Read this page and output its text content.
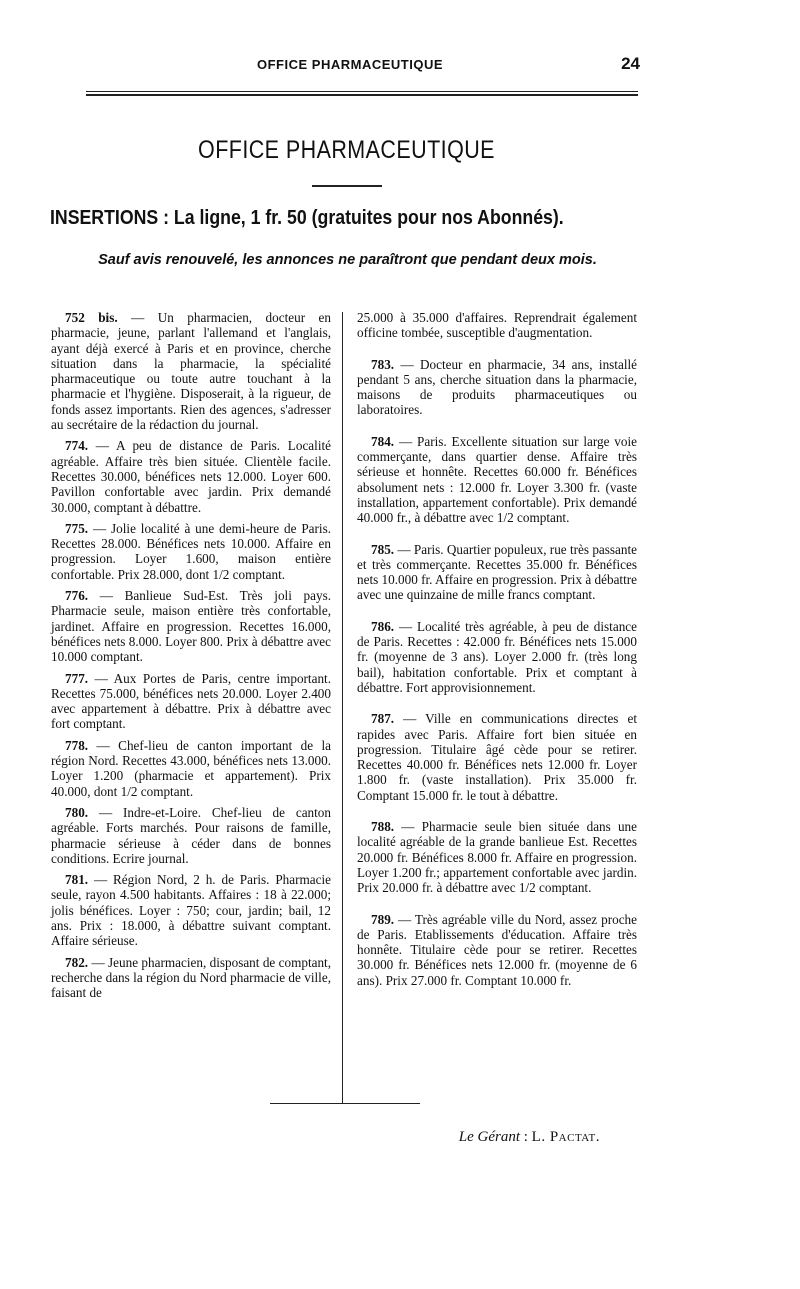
OFFICE PHARMACEUTIQUE	24
OFFICE PHARMACEUTIQUE
INSERTIONS : La ligne, 1 fr. 50 (gratuites pour nos Abonnés).
Sauf avis renouvelé, les annonces ne paraîtront que pendant deux mois.

752 bis. — Un pharmacien, docteur en pharmacie, jeune, parlant l'allemand et l'anglais, ayant déjà exercé à Paris et en province, cherche situation dans la pharmacie, la spécialité pharmaceutique ou toute autre touchant à la pharmacie et l'hygiène. Disposerait, à la rigueur, de fonds assez importants. Rien des agences, s'adresser au secrétaire de la rédaction du journal.

774. — A peu de distance de Paris. Localité agréable. Affaire très bien située. Clientèle facile. Recettes 30.000, bénéfices nets 12.000. Loyer 600. Pavillon confortable avec jardin. Prix demandé 30.000, comptant à débattre.

775. — Jolie localité à une demi-heure de Paris. Recettes 28.000. Bénéfices nets 10.000. Affaire en progression. Loyer 1.600, maison entière confortable. Prix 28.000, dont 1/2 comptant.

776. — Banlieue Sud-Est. Très joli pays. Pharmacie seule, maison entière très confortable, jardinet. Affaire en progression. Recettes 16.000, bénéfices nets 8.000. Loyer 800. Prix à débattre avec 10.000 comptant.

777. — Aux Portes de Paris, centre important. Recettes 75.000, bénéfices nets 20.000. Loyer 2.400 avec appartement à débattre. Prix à débattre avec fort comptant.

778. — Chef-lieu de canton important de la région Nord. Recettes 43.000, bénéfices nets 13.000. Loyer 1.200 (pharmacie et appartement). Prix 40.000, dont 1/2 comptant.

780. — Indre-et-Loire. Chef-lieu de canton agréable. Forts marchés. Pour raisons de famille, pharmacie sérieuse à céder dans de bonnes conditions. Ecrire journal.

781. — Région Nord, 2 h. de Paris. Pharmacie seule, rayon 4.500 habitants. Affaires : 18 à 22.000; jolis bénéfices. Loyer : 750; cour, jardin; bail, 12 ans. Prix : 18.000, à débattre suivant comptant. Affaire sérieuse.

782. — Jeune pharmacien, disposant de comptant, recherche dans la région du Nord pharmacie de ville, faisant de

25.000 à 35.000 d'affaires. Reprendrait également officine tombée, susceptible d'augmentation.

783. — Docteur en pharmacie, 34 ans, installé pendant 5 ans, cherche situation dans la pharmacie, maisons de produits pharmaceutiques ou laboratoires.

784. — Paris. Excellente situation sur large voie commerçante, dans quartier dense. Affaire très sérieuse et honnête. Recettes 60.000 fr. Bénéfices absolument nets : 12.000 fr. Loyer 3.300 fr. (vaste installation, appartement confortable). Prix demandé 40.000 fr., à débattre avec 1/2 comptant.

785. — Paris. Quartier populeux, rue très passante et très commerçante. Recettes 35.000 fr. Bénéfices nets 10.000 fr. Affaire en progression. Prix à débattre avec une quinzaine de mille francs comptant.

786. — Localité très agréable, à peu de distance de Paris. Recettes : 42.000 fr. Bénéfices nets 15.000 fr. (moyenne de 3 ans). Loyer 2.000 fr. (très long bail), habitation confortable. Prix et comptant à débattre. Fort approvisionnement.

787. — Ville en communications directes et rapides avec Paris. Affaire fort bien située en progression. Titulaire âgé cède pour se retirer. Recettes 40.000 fr. Bénéfices nets 12.000 fr. Loyer 1.800 fr. (vaste installation). Prix 35.000 fr. Comptant 15.000 fr. le tout à débattre.

788. — Pharmacie seule bien située dans une localité agréable de la grande banlieue Est. Recettes 20.000 fr. Bénéfices 8.000 fr. Affaire en progression. Loyer 1.200 fr.; appartement confortable avec jardin. Prix 20.000 fr. à débattre avec 1/2 comptant.

789. — Très agréable ville du Nord, assez proche de Paris. Etablissements d'éducation. Affaire très honnête. Titulaire cède pour se retirer. Recettes 30.000 fr. Bénéfices nets 12.000 fr. (moyenne de 6 ans). Prix 27.000 fr. Comptant 10.000 fr.

Le Gérant : L. Pactat.
